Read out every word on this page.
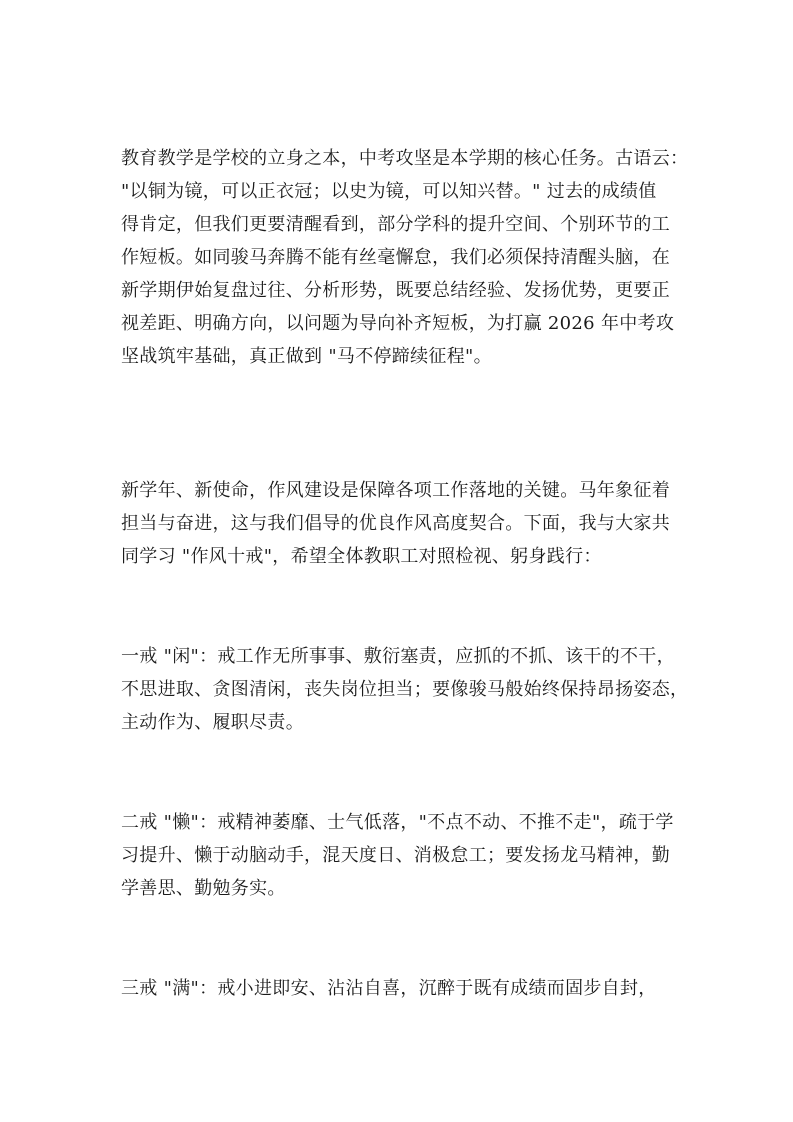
教育教学是学校的立身之本，中考攻坚是本学期的核心任务。古语云：
"以铜为镜，可以正衣冠；以史为镜，可以知兴替。" 过去的成绩值
得肯定，但我们更要清醒看到，部分学科的提升空间、个别环节的工
作短板。如同骏马奔腾不能有丝毫懈怠，我们必须保持清醒头脑，在
新学期伊始复盘过往、分析形势，既要总结经验、发扬优势，更要正
视差距、明确方向，以问题为导向补齐短板，为打赢 2026 年中考攻
坚战筑牢基础，真正做到 "马不停蹄续征程"。

新学年、新使命，作风建设是保障各项工作落地的关键。马年象征着
担当与奋进，这与我们倡导的优良作风高度契合。下面，我与大家共
同学习 "作风十戒"，希望全体教职工对照检视、躬身践行：

一戒 "闲"：戒工作无所事事、敷衍塞责，应抓的不抓、该干的不干，
不思进取、贪图清闲，丧失岗位担当；要像骏马般始终保持昂扬姿态，
主动作为、履职尽责。

二戒 "懒"：戒精神萎靡、士气低落，"不点不动、不推不走"，疏于学
习提升、懒于动脑动手，混天度日、消极怠工；要发扬龙马精神，勤
学善思、勤勉务实。

三戒 "满"：戒小进即安、沾沾自喜，沉醉于既有成绩而固步自封，
